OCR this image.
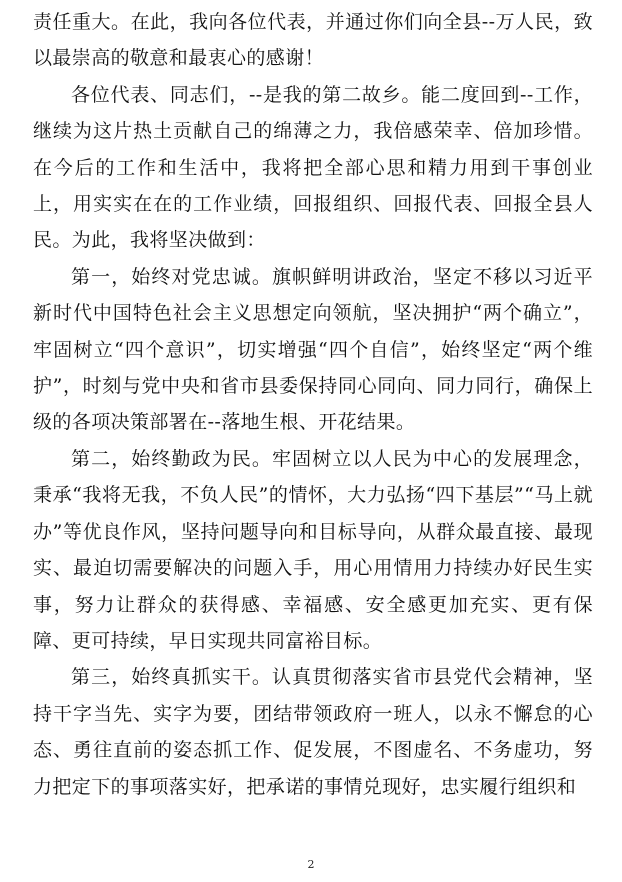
责任重大。在此，我向各位代表，并通过你们向全县--万人民，致以最崇高的敬意和最衷心的感谢！

各位代表、同志们，--是我的第二故乡。能二度回到--工作，继续为这片热土贡献自己的绵薄之力，我倍感荣幸、倍加珍惜。在今后的工作和生活中，我将把全部心思和精力用到干事创业上，用实实在在的工作业绩，回报组织、回报代表、回报全县人民。为此，我将坚决做到：

第一，始终对党忠诚。旗帜鲜明讲政治，坚定不移以习近平新时代中国特色社会主义思想定向领航，坚决拥护“两个确立”，牢固树立“四个意识”，切实增强“四个自信”，始终坚定“两个维护”，时刻与党中央和省市县委保持同心同向、同力同行，确保上级的各项决策部署在--落地生根、开花结果。

第二，始终勤政为民。牢固树立以人民为中心的发展理念，秉承“我将无我，不负人民”的情怀，大力弘扬“四下基层”“马上就办”等优良作风，坚持问题导向和目标导向，从群众最直接、最现实、最迫切需要解决的问题入手，用心用情用力持续办好民生实事，努力让群众的获得感、幸福感、安全感更加充实、更有保障、更可持续，早日实现共同富裕目标。

第三，始终真抓实干。认真贯彻落实省市县党代会精神，坚持干字当先、实字为要，团结带领政府一班人，以永不懈怠的心态、勇往直前的姿态抓工作、促发展，不图虚名、不务虚功，努力把定下的事项落实好，把承诺的事情兑现好，忠实履行组织和

2
